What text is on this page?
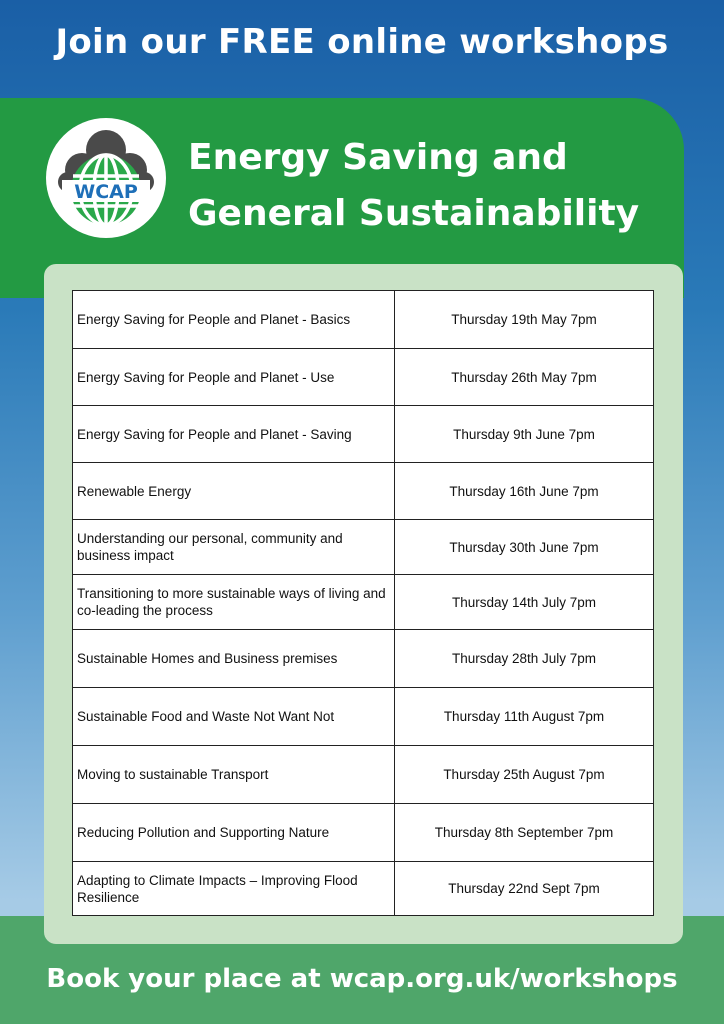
Join our FREE online workshops
WCAP
Energy Saving and
General Sustainability
Energy Saving for People and Planet - Basics	Thursday 19th May 7pm
Energy Saving for People and Planet - Use	Thursday 26th May 7pm
Energy Saving for People and Planet - Saving	Thursday 9th June 7pm
Renewable Energy	Thursday 16th June 7pm
Understanding our personal, community and business impact	Thursday 30th June 7pm
Transitioning to more sustainable ways of living and co-leading the process	Thursday 14th July 7pm
Sustainable Homes and Business premises	Thursday 28th July 7pm
Sustainable Food and Waste Not Want Not	Thursday 11th August 7pm
Moving to sustainable Transport	Thursday 25th August 7pm
Reducing Pollution and Supporting Nature	Thursday 8th September 7pm
Adapting to Climate Impacts – Improving Flood Resilience	Thursday 22nd Sept 7pm
Book your place at wcap.org.uk/workshops
